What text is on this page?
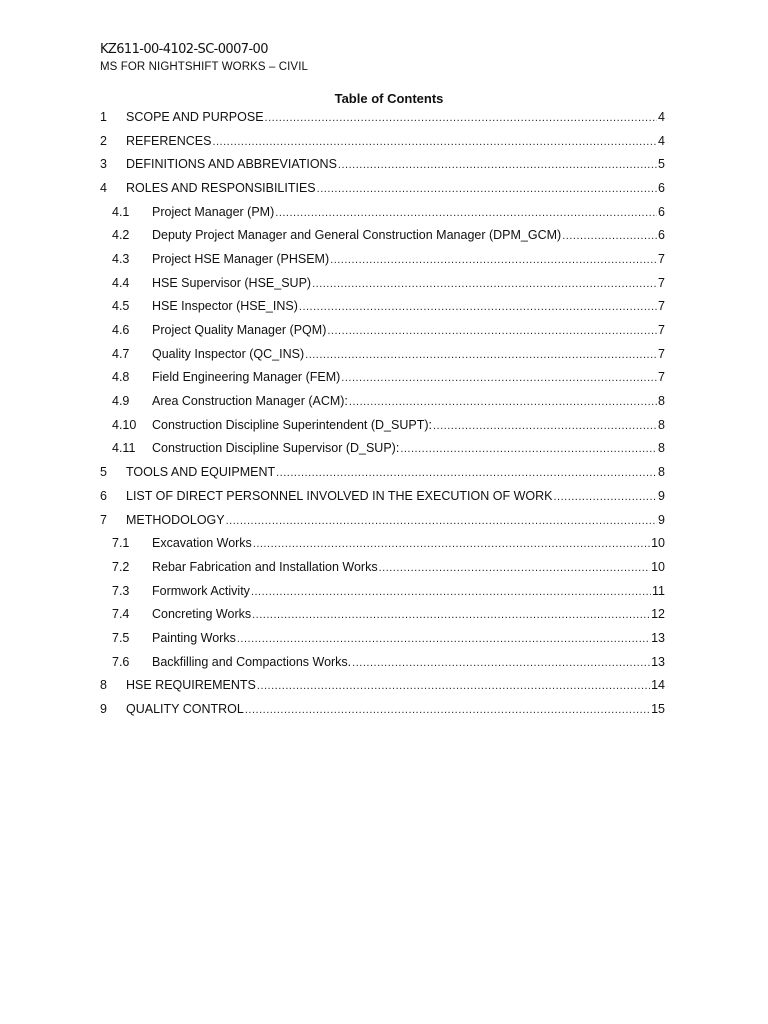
KZ611-00-4102-SC-0007-00
MS FOR NIGHTSHIFT WORKS – CIVIL
Table of Contents
1 SCOPE AND PURPOSE .....	4
2 REFERENCES .....	4
3 DEFINITIONS AND ABBREVIATIONS .....	5
4 ROLES AND RESPONSIBILITIES .....	6
4.1 Project Manager (PM) .....	6
4.2 Deputy Project Manager and General Construction Manager (DPM_GCM) .....	6
4.3 Project HSE Manager (PHSEM) .....	7
4.4 HSE Supervisor (HSE_SUP) .....	7
4.5 HSE Inspector (HSE_INS) .....	7
4.6 Project Quality Manager (PQM) .....	7
4.7 Quality Inspector (QC_INS) .....	7
4.8 Field Engineering Manager (FEM) .....	7
4.9 Area Construction Manager (ACM): .....	8
4.10 Construction Discipline Superintendent (D_SUPT): .....	8
4.11 Construction Discipline Supervisor (D_SUP): .....	8
5 TOOLS AND EQUIPMENT .....	8
6 LIST OF DIRECT PERSONNEL INVOLVED IN THE EXECUTION OF WORK .....	9
7 METHODOLOGY .....	9
7.1 Excavation Works .....	10
7.2 Rebar Fabrication and Installation Works .....	10
7.3 Formwork Activity .....	11
7.4 Concreting Works .....	12
7.5 Painting Works .....	13
7.6 Backfilling and Compactions Works. .....	13
8 HSE REQUIREMENTS .....	14
9 QUALITY CONTROL .....	15
